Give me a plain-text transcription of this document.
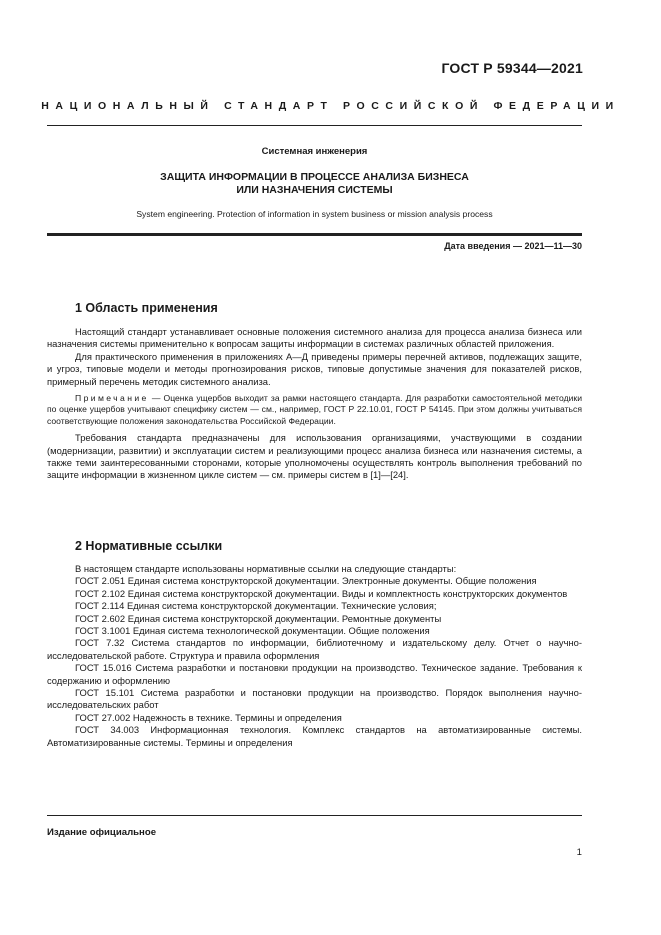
ГОСТ Р 59344—2021
НАЦИОНАЛЬНЫЙ СТАНДАРТ РОССИЙСКОЙ ФЕДЕРАЦИИ
Системная инженерия
ЗАЩИТА ИНФОРМАЦИИ В ПРОЦЕССЕ АНАЛИЗА БИЗНЕСА
ИЛИ НАЗНАЧЕНИЯ СИСТЕМЫ
System engineering. Protection of information in system business or mission analysis process
Дата введения — 2021—11—30
1 Область применения

Настоящий стандарт устанавливает основные положения системного анализа для процесса анализа бизнеса или назначения системы применительно к вопросам защиты информации в системах различных областей приложения.

Для практического применения в приложениях А—Д приведены примеры перечней активов, подлежащих защите, и угроз, типовые модели и методы прогнозирования рисков, типовые допустимые значения для показателей рисков, примерный перечень методик системного анализа.

Примечание — Оценка ущербов выходит за рамки настоящего стандарта. Для разработки самостоятельной методики по оценке ущербов учитывают специфику систем — см., например, ГОСТ Р 22.10.01, ГОСТ Р 54145. При этом должны учитываться соответствующие положения законодательства Российской Федерации.

Требования стандарта предназначены для использования организациями, участвующими в создании (модернизации, развитии) и эксплуатации систем и реализующими процесс анализа бизнеса или назначения системы, а также теми заинтересованными сторонами, которые уполномочены осуществлять контроль выполнения требований по защите информации в жизненном цикле систем — см. примеры систем в [1]—[24].

2 Нормативные ссылки

В настоящем стандарте использованы нормативные ссылки на следующие стандарты:

ГОСТ 2.051 Единая система конструкторской документации. Электронные документы. Общие положения

ГОСТ 2.102 Единая система конструкторской документации. Виды и комплектность конструкторских документов

ГОСТ 2.114 Единая система конструкторской документации. Технические условия;

ГОСТ 2.602 Единая система конструкторской документации. Ремонтные документы

ГОСТ 3.1001 Единая система технологической документации. Общие положения

ГОСТ 7.32 Система стандартов по информации, библиотечному и издательскому делу. Отчет о научно-исследовательской работе. Структура и правила оформления

ГОСТ 15.016 Система разработки и постановки продукции на производство. Техническое задание. Требования к содержанию и оформлению

ГОСТ 15.101 Система разработки и постановки продукции на производство. Порядок выполнения научно-исследовательских работ

ГОСТ 27.002 Надежность в технике. Термины и определения

ГОСТ 34.003 Информационная технология. Комплекс стандартов на автоматизированные системы. Автоматизированные системы. Термины и определения

Издание официальное
1
